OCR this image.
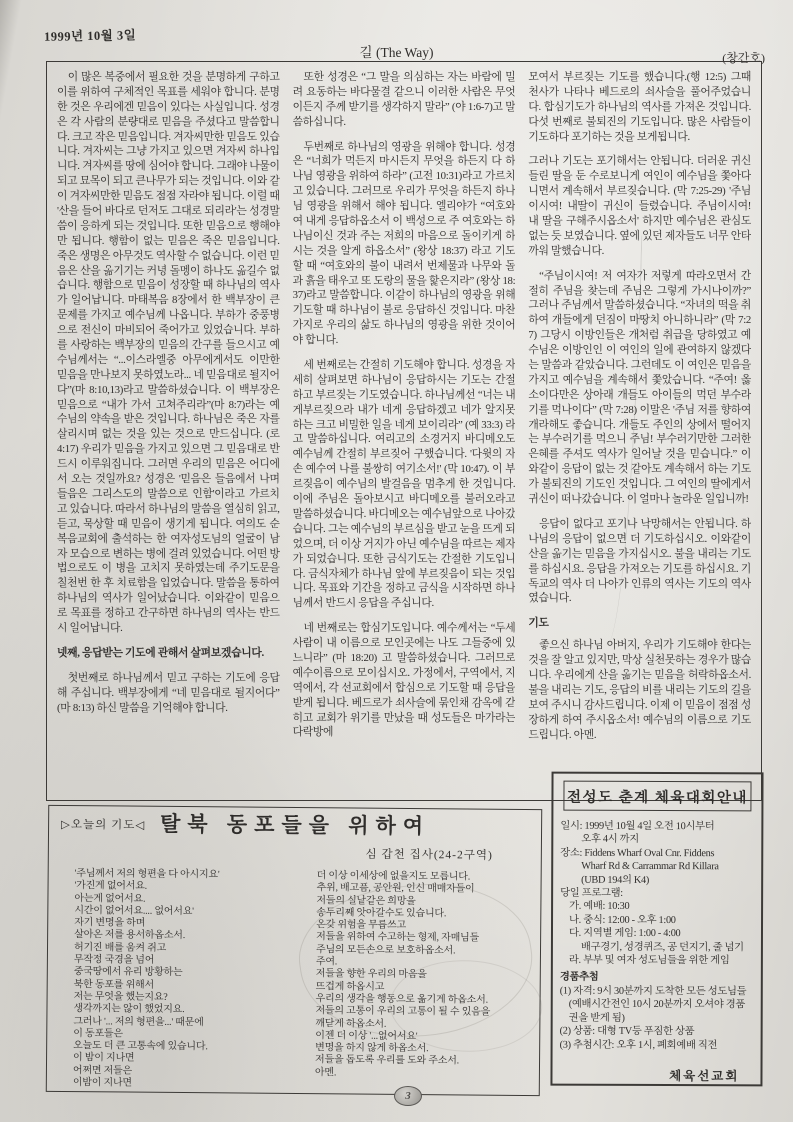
1999년 10월 3일
길 (The Way)	(창간호)

이 많은 복중에서 필요한 것을 분명하게 구하고 이를 위하여 구체적인 목표를 세워야 합니다. 분명한 것은 우리에겐 믿음이 있다는 사실입니다. 성경은 각 사람의 분량대로 믿음을 주셨다고 말씀합니다. 크고 작은 믿음입니다. 겨자씨만한 믿음도 있습니다. 겨자씨는 그냥 가지고 있으면 겨자씨 하나입니다. 겨자씨를 땅에 심어야 합니다. 그래야 나물이 되고 묘목이 되고 큰나무가 되는 것입니다. 이와 같이 겨자씨만한 믿음도 점점 자라야 됩니다. 이럴 때 '산을 들어 바다로 던저도 그대로 되리라'는 성경말씀이 응하게 되는 것입니다. 또한 믿음으로 행해야만 됩니다. 행함이 없는 믿음은 죽은 믿음입니다. 죽은 생명은 아무것도 역사할 수 없습니다. 이런 믿음은 산을 옮기기는 커녕 돌멩이 하나도 옮길수 없습니다. 행함으로 믿음이 성장할 때 하나님의 역사가 일어납니다. 마태복음 8장에서 한 백부장이 큰 문제를 가지고 예수님께 나옵니다. 부하가 중풍병으로 전신이 마비되어 죽어가고 있었습니다. 부하를 사랑하는 백부장의 믿음의 간구를 들으시고 예수님께서는 “...이스라엘중 아무에게서도 이만한 믿음을 만나보지 못하였노라... 네 믿음대로 될지어다”(마 8:10,13)라고 말씀하셨습니다. 이 백부장은 믿음으로 “내가 가서 고쳐주리라”(마 8:7)라는 예수님의 약속을 받은 것입니다. 하나님은 죽은 자를 살리시며 없는 것을 있는 것으로 만드십니다. (로 4:17) 우리가 믿음을 가지고 있으면 그 믿음대로 반드시 이루워집니다. 그러면 우리의 믿음은 어디에서 오는 것일까요? 성경은 '믿음은 들음에서 나며 들음은 그리스도의 말씀으로 인함'이라고 가르치고 있습니다. 따라서 하나님의 말씀을 열심히 읽고, 듣고, 묵상할 때 믿음이 생기게 됩니다. 여의도 순복음교회에 출석하는 한 여자성도님의 얼굴이 남자 모습으로 변하는 병에 걸려 있었습니다. 어떤 방법으로도 이 병을 고치지 못하였는데 주기도문을 칠천번 한 후 치료함을 입었습니다. 말씀을 통하여 하나님의 역사가 일어났습니다. 이와같이 믿음으로 목표를 정하고 간구하면 하나님의 역사는 반드시 일어납니다.

넷째, 응답받는 기도에 관해서 살펴보겠습니다.

첫번째로 하나님께서 믿고 구하는 기도에 응답해 주십니다. 백부장에게 “네 믿음대로 될지어다” (마 8:13) 하신 말씀을 기억해야 합니다.

또한 성경은 “그 말을 의심하는 자는 바람에 밀려 요동하는 바다물결 같으니 이러한 사람은 무엇이든지 주께 받기를 생각하지 말라” (야 1:6-7)고 말씀하십니다.

두번째로 하나님의 영광을 위해야 합니다. 성경은 “너희가 먹든지 마시든지 무엇을 하든지 다 하나님 영광을 위하여 하라” (고전 10:31)라고 가르치고 있습니다. 그러므로 우리가 무엇을 하든지 하나님 영광을 위해서 해야 됩니다. 엘리야가 “여호와여 내게 응답하옵소서 이 백성으로 주 여호와는 하나님이신 것과 주는 저희의 마음으로 돌이키게 하시는 것을 알게 하옵소서” (왕상 18:37) 라고 기도할 때 “여호와의 불이 내려서 번제물과 나무와 돌과 흙을 태우고 또 도랑의 물을 핥은지라” (왕상 18:37)라고 말씀합니다. 이같이 하나님의 영광을 위해 기도할 때 하나님이 불로 응답하신 것입니다. 마찬가지로 우리의 삶도 하나님의 영광을 위한 것이어야 합니다.

세 번째로는 간절히 기도해야 합니다. 성경을 자세히 살펴보면 하나님이 응답하시는 기도는 간절하고 부르짖는 기도였습니다. 하나님께선 “너는 내게부르짖으라 내가 네게 응답하겠고 네가 알지못하는 크고 비밀한 일을 네게 보이리라” (예 33:3) 라고 말씀하십니다. 여리고의 소경거지 바디메오도 예수님께 간절히 부르짖어 구했습니다. '다윗의 자손 예수여 나를 불쌍히 여기소서!' (막 10:47). 이 부르짖음이 예수님의 발걸음을 멈추게 한 것입니다. 이에 주님은 돌아보시고 바디메오를 불러오라고 말씀하셨습니다. 바디메오는 예수님앞으로 나아갔습니다. 그는 예수님의 부르심을 받고 눈을 뜨게 되었으며, 더 이상 거지가 아닌 예수님을 따르는 제자가 되었습니다. 또한 금식기도는 간절한 기도입니다. 금식자체가 하나님 앞에 부르짖음이 되는 것입니다. 목표와 기간을 정하고 금식을 시작하면 하나님께서 반드시 응답을 주십니다.

네 번째로는 합심기도입니다. 예수께서는 “두세사람이 내 이름으로 모인곳에는 나도 그들중에 있느니라” (마 18:20) 고 말씀하셨습니다. 그러므로 예수이름으로 모이십시오. 가정에서, 구역에서, 지역에서, 각 선교회에서 합심으로 기도할 때 응답을 받게 됩니다. 베드로가 쇠사슬에 묶인채 감옥에 갇히고 교회가 위기를 만났을 때 성도들은 마가라는 다락방에

모여서 부르짖는 기도를 했습니다.(행 12:5) 그때 천사가 나타나 베드로의 쇠사슬을 풀어주었습니다. 합심기도가 하나님의 역사를 가져온 것입니다. 다섯 번째로 불퇴진의 기도입니다. 많은 사람들이 기도하다 포기하는 것을 보게됩니다.

그러나 기도는 포기해서는 안됩니다. 더러운 귀신들린 딸을 둔 수로보니게 여인이 예수님을 쫓아다니면서 계속해서 부르짖습니다. (막 7:25-29) '주님이시여! 내딸이 귀신이 들렸습니다. 주님이시여! 내 딸을 구해주시옵소서' 하지만 예수님은 관심도 없는 듯 보였습니다. 옆에 있던 제자들도 너무 안타까워 말했습니다.

“주님이시여! 저 여자가 저렇게 따라오면서 간절히 주님을 찾는데 주님은 그렇게 가시나이까?” 그러나 주님께서 말씀하셨습니다. “자녀의 떡을 취하여 개들에게 던짐이 마땅치 아니하니라” (막 7:27) 그당시 이방인들은 개처럼 취급을 당하였고 예수님은 이방인인 이 여인의 일에 관여하지 않겠다는 말씀과 같았습니다. 그런데도 이 여인은 믿음을 가지고 예수님을 계속해서 쫓았습니다. “주여! 옳소이다만은 상아래 개들도 아이들의 먹던 부수라기를 먹나이다” (막 7:28) 이말은 '주님 저를 향하여 개라해도 좋습니다. 개들도 주인의 상에서 떨어지는 부수러기를 먹으니 주님! 부수러기만한 그러한 은혜를 주셔도 역사가 일어날 것을 믿습니다.” 이와같이 응답이 없는 것 같아도 계속해서 하는 기도가 불퇴진의 기도인 것입니다. 그 여인의 딸에게서 귀신이 떠나갔습니다. 이 얼마나 놀라운 일입니까!

응답이 없다고 포기나 낙망해서는 안됩니다. 하나님의 응답이 없으면 더 기도하십시오. 이와같이 산을 옮기는 믿음을 가지십시오. 불을 내리는 기도를 하십시요. 응답을 가져오는 기도를 하십시요. 기독교의 역사 더 나아가 인류의 역사는 기도의 역사였습니다.

기도

좋으신 하나님 아버지, 우리가 기도해야 한다는 것을 잘 알고 있지만, 막상 실천못하는 경우가 많습니다. 우리에게 산을 옮기는 믿음을 허락하옵소서. 불을 내리는 기도, 응답의 비를 내리는 기도의 길을 보여 주시니 감사드립니다. 이제 이 믿음이 점점 성장하게 하여 주시옵소서! 예수님의 이름으로 기도드립니다. 아멘.

▷오늘의 기도◁ 탈북 동포들을 위하여
심 갑천 집사(24-2구역)
'주님께서 저의 형편을 다 아시지요'
'가진게 없어서요.
아는게 없어서요.
시간이 없어서요.... 없어서요'
자기 변명을 하며
살아온 저를 용서하옵소서.
허기진 배를 움켜 쥐고
무작정 국경을 넘어
중국땅에서 유리 방황하는
북한 동포를 위해서
저는 무엇을 했는지요?
생각까지는 않이 했었지요.
그러나 '... 저의 형편을...' 때문에
이 동포들은
오늘도 더 큰 고통속에 있습니다.
이 밤이 지나면
어쩌면 저들은
이밤이 지나면
더 이상 이세상에 없을지도 모릅니다.
추위, 배고픔, 공안원, 인신 매매자들이
저들의 실낱같은 희망을
송두리째 앗아갈수도 있습니다.
온갖 위험을 무릅쓰고
저들을 위하여 수고하는 형제, 자매님들
주님의 모든손으로 보호하옵소서.
주여.
저들을 향한 우리의 마음을
뜨겁게 하옵시고
우리의 생각을 행동으로 옮기게 하옵소서.
저들의 고통이 우리의 고통이 될 수 있음을
깨닫게 하옵소서.
이젠 더 이상 '...없어서요'
변명을 하지 않게 하옵소서.
저들을 돕도록 우리를 도와 주소서.
아멘.
전성도 춘계 체육대회안내
일시: 1999년 10월 4일 오전 10시부터
오후 4시 까지
장소: Fiddens Wharf Oval Cnr. Fiddens
Wharf Rd & Carrammar Rd Killara
(UBD 194의 K4)
당일 프로그램:
가. 예배: 10:30
나. 중식: 12:00 - 오후 1:00
다. 지역별 게임: 1:00 - 4:00
배구경기, 성경퀴즈, 공 던지기, 줄 넘기
라. 부부 및 여자 성도님들을 위한 게임
경품추첨
(1) 자격: 9시 30분까지 도착한 모든 성도님들
(예배시간전인 10시 20분까지 오셔야 경품
권을 받게 됨)
(2) 상품: 대형 TV등 푸짐한 상품
(3) 추첨시간: 오후 1시, 폐회예배 직전
체육선교회
3
